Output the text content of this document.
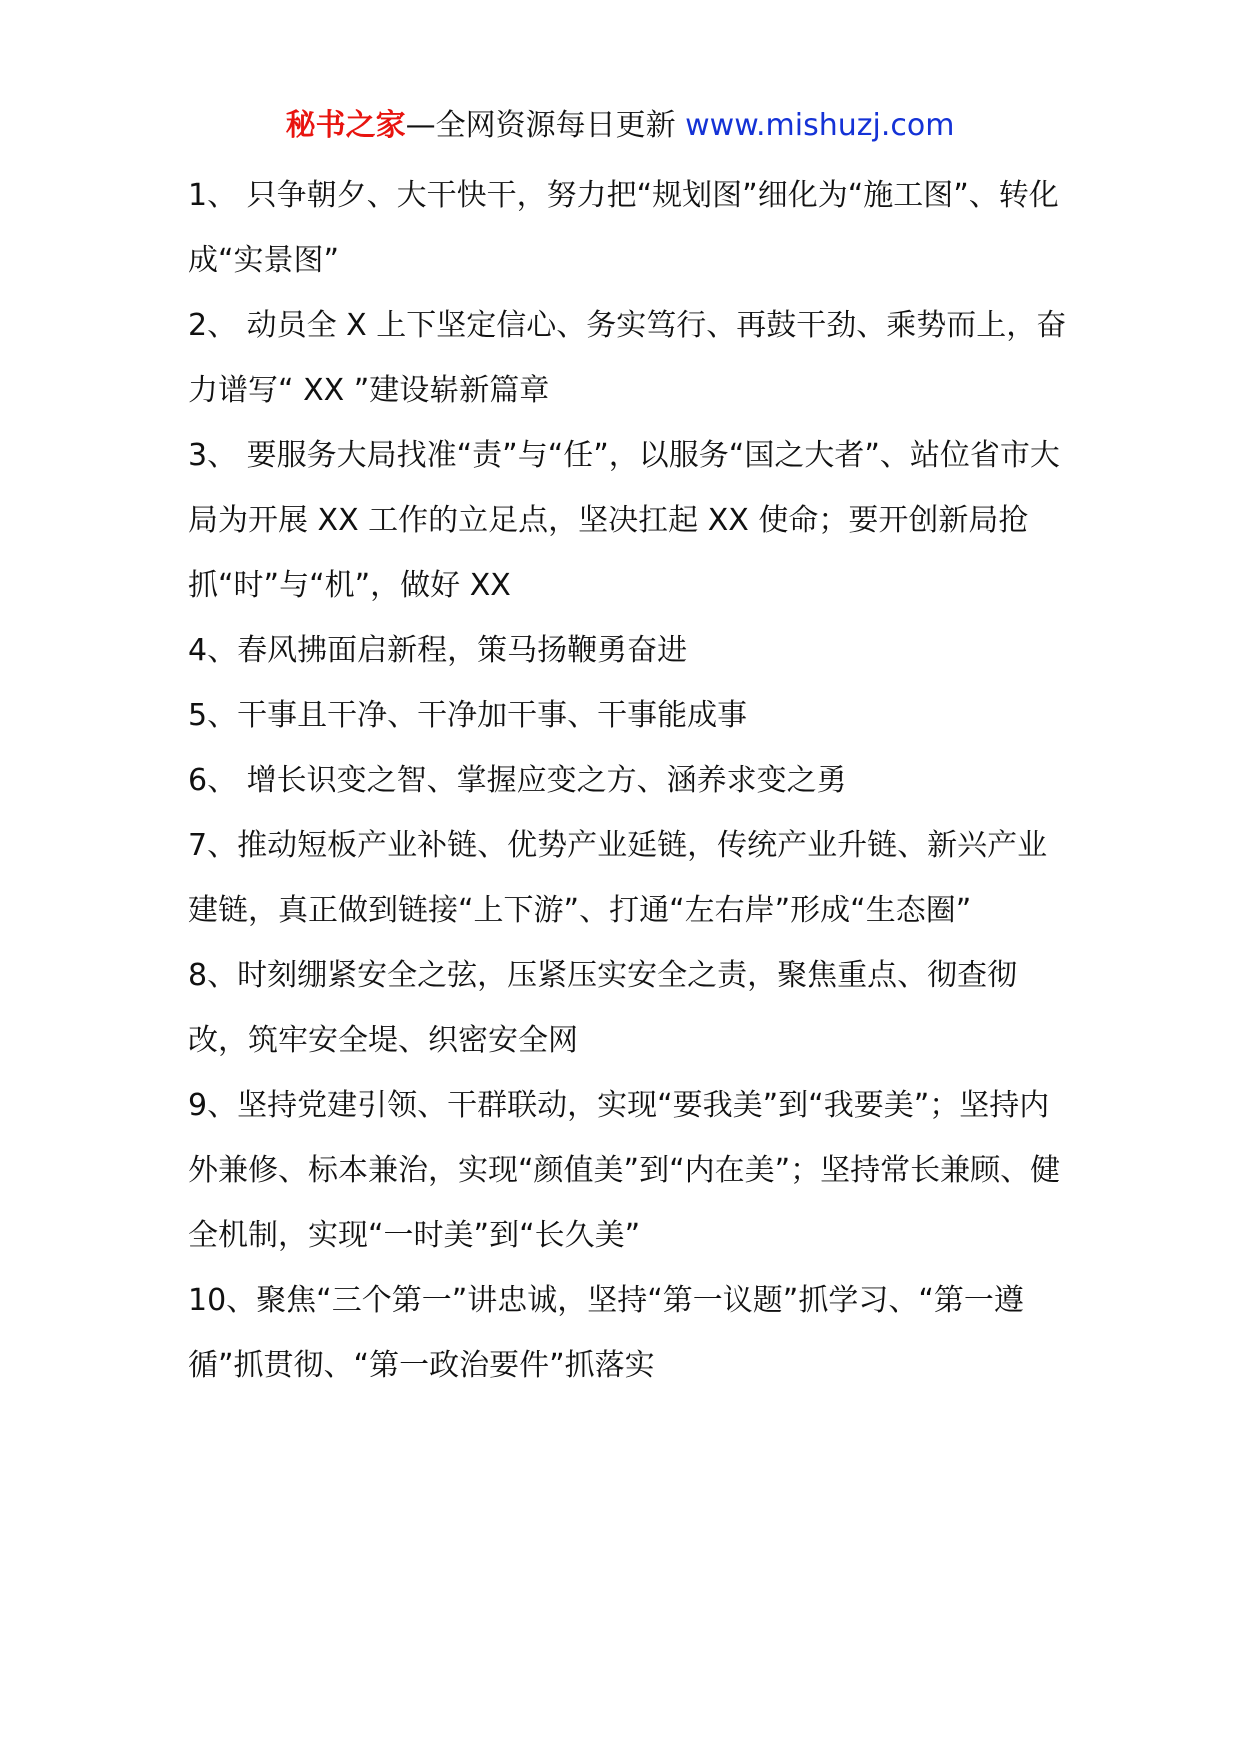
秘书之家—全网资源每日更新 www.mishuzj.com

1、 只争朝夕、大干快干，努力把“规划图”细化为“施工图”、转化成“实景图”

2、 动员全 X 上下坚定信心、务实笃行、再鼓干劲、乘势而上，奋力谱写“ XX ”建设崭新篇章

3、 要服务大局找准“责”与“任”，以服务“国之大者”、站位省市大局为开展 XX 工作的立足点，坚决扛起 XX 使命；要开创新局抢抓“时”与“机”，做好 XX

4、春风拂面启新程，策马扬鞭勇奋进

5、干事且干净、干净加干事、干事能成事

6、 增长识变之智、掌握应变之方、涵养求变之勇

7、推动短板产业补链、优势产业延链，传统产业升链、新兴产业建链，真正做到链接“上下游”、打通“左右岸”形成“生态圈”

8、时刻绷紧安全之弦，压紧压实安全之责，聚焦重点、彻查彻改，筑牢安全堤、织密安全网

9、坚持党建引领、干群联动，实现“要我美”到“我要美”；坚持内外兼修、标本兼治，实现“颜值美”到“内在美”；坚持常长兼顾、健全机制，实现“一时美”到“长久美”

10、聚焦“三个第一”讲忠诚，坚持“第一议题”抓学习、“第一遵循”抓贯彻、“第一政治要件”抓落实
